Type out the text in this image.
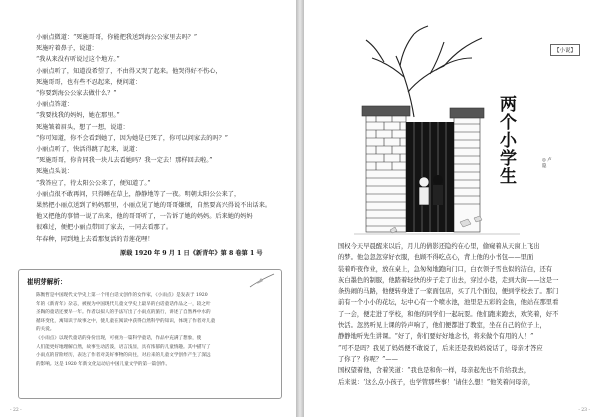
小丽点微道：“死施哥哥，你能把我送到海公公家里去吗？”

死施咛着鼻子，说道：

“我从来没有听说过这个地方。”

小丽点听了，知道没希望了，不由得又哭了起来。他哭得好不伤心，

死施哥哥，也有些不忍起来，便问道：

“你要到海公公家去做什么？”

小丽点答道：

“我要找我的妈妈，她在那里。”

死施皱着眉头，想了一想，说道：

“你可知道，你不会看到她了，因为她是已死了，你可以问家去的吗？”

小丽点听了，快活得跳了起来，说道：

“死施哥哥，你肯同我一块儿去看她吗？我一定去！那样回去啦。”

死施点头说：

“我答应了，待太阳公公来了，便知道了。”

小丽点很不敢再问，只得睡在草上，静静地等了一夜。明朝太阳公公来了，

果然把小丽点送到了妈妈那里，小丽点见了她的哥哥嫌烦，自然要高兴得说不出话来。

他又把他的事情一说了出来，他的哥哥听了，一告诉了她的妈妈。后来她的妈妈

很难过，便把小丽点带回了家去，一同去看那了。

年春种，同到地上去看那复活的青莲花哩！

原载 1920 年 9 月 1 日《新青年》第 8 卷第 1 号
崔明芽解析：

陈衡哲是中国现代文学史上第一个用白话文创作的女作家，《小雨点》是发表于 1920

年的《新青年》杂志，被视为中国现代儿童文学史上最早的白话童话作品之一，较之叶

圣陶的童话还要早一年。作者以拟人的手法写出了小雨点的旅行，讲述了自然界中水的

循环变化，寓知识于故事之中，使儿童在阅读中获得自然科学的知识，体现了作者对儿童

的关爱。

《小雨点》以现代童话的身份出现，可视为一篇科学童话，作品中充满了想象，使

人们能更好地理解自然，故事生动活泼，语言浅显，具有浓郁的儿童情趣。其中描写了

小雨点的冒险经历，表达了作者对美好事物的向往，对后来的儿童文学创作产生了深远

的影响。这是 1920 年新文化运动后中国儿童文学的第一篇创作。

- 22 -
【小说】
两
个
小
学
生
◎ 卢 隐

国权今天早晨醒来以后，月儿的倩影还隐约在心里，偷窥着从天窗上飞出

的梦。他急忽忽穿好衣服，也顾不得吃点心，背上他的小书包——里面

装着昨夜作业，放在桌上，急匆匆地跑向门口，白衣领子雪也似的洁白，还有

灰白墨色的制服，他踏着轻快的步子走了出去，穿过小巷，走到大街——这是一

条热闹的马路，他便转身进了一家面包店，买了几个面包，便到学校去了。那门

前有一个小小的花坛，坛中心有一个喷水池，池里是五彩的金鱼，他站在那里看

了一会，便走进了学校，和他的同学们一起玩耍。他们跑来跑去，欢笑着，好不

快活。忽然听见上课的铃声响了，他们便都进了教室，坐在自己的位子上，

静静地听先生讲课。“好了，你们要好好地念书，将来做个有用的人！”

“可不是吗？我见了妈妈便不敢说了，后来还是我妈妈说话了，母亲才答应

了你了？你呢？”——

国权望着他，含着笑道：“我也是和你一样，母亲起先也不肯给我去，

后来说：‘这么点小孩子，也学管那些事！’请住么想！”他笑着问母亲，

- 23 -
